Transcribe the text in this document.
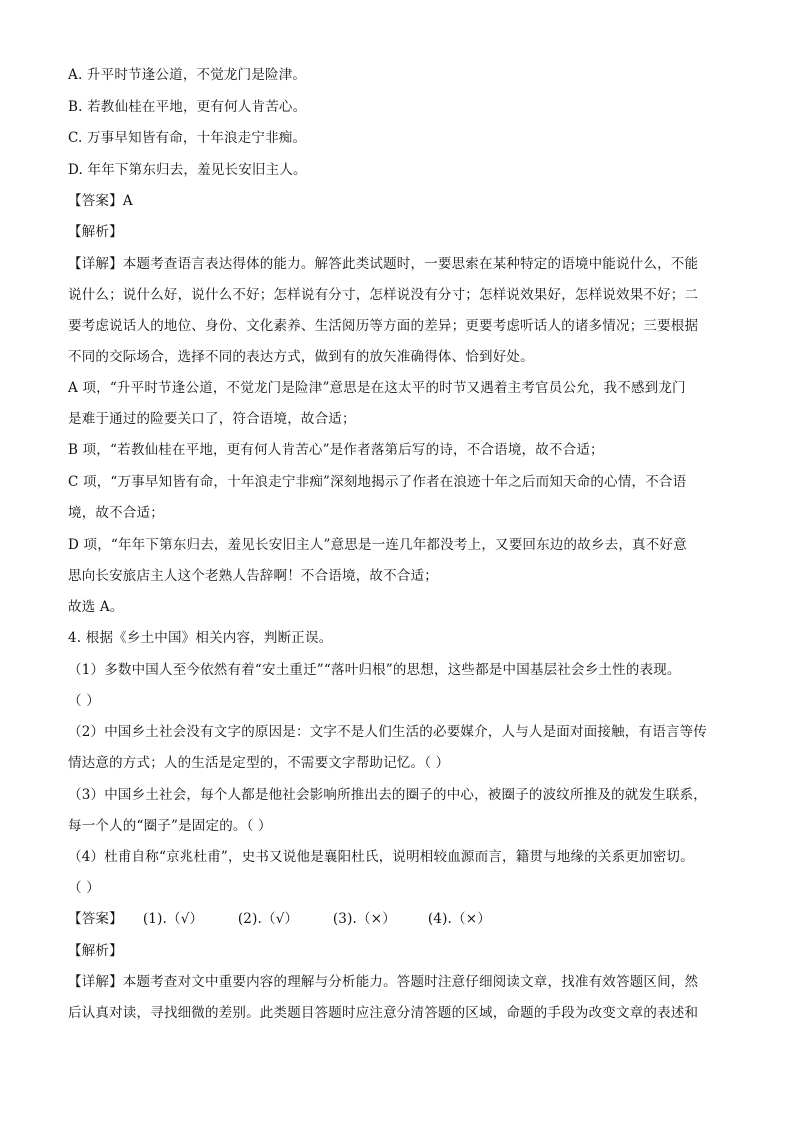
A. 升平时节逢公道，不觉龙门是险津。
B. 若教仙桂在平地，更有何人肯苦心。
C. 万事早知皆有命，十年浪走宁非痴。
D. 年年下第东归去，羞见长安旧主人。
【答案】A
【解析】
【详解】本题考查语言表达得体的能力。解答此类试题时，一要思索在某种特定的语境中能说什么，不能
说什么；说什么好，说什么不好；怎样说有分寸，怎样说没有分寸；怎样说效果好，怎样说效果不好；二
要考虑说话人的地位、身份、文化素养、生活阅历等方面的差异；更要考虑听话人的诸多情况；三要根据
不同的交际场合，选择不同的表达方式，做到有的放矢准确得体、恰到好处。
A 项，“升平时节逢公道，不觉龙门是险津”意思是在这太平的时节又遇着主考官员公允，我不感到龙门
是难于通过的险要关口了，符合语境，故合适；
B 项，“若教仙桂在平地，更有何人肯苦心”是作者落第后写的诗，不合语境，故不合适；
C 项，“万事早知皆有命，十年浪走宁非痴”深刻地揭示了作者在浪迹十年之后而知天命的心情，不合语
境，故不合适；
D 项，“年年下第东归去，羞见长安旧主人”意思是一连几年都没考上，又要回东边的故乡去，真不好意
思向长安旅店主人这个老熟人告辞啊！不合语境，故不合适；
故选 A。
4. 根据《乡土中国》相关内容，判断正误。
（1）多数中国人至今依然有着“安土重迁”“落叶归根”的思想，这些都是中国基层社会乡土性的表现。
（ ）
（2）中国乡土社会没有文字的原因是：文字不是人们生活的必要媒介，人与人是面对面接触，有语言等传
情达意的方式；人的生活是定型的，不需要文字帮助记忆。（ ）
（3）中国乡土社会，每个人都是他社会影响所推出去的圈子的中心，被圈子的波纹所推及的就发生联系，
每一个人的“圈子”是固定的。（ ）
（4）杜甫自称“京兆杜甫”，史书又说他是襄阳杜氏，说明相较血源而言，籍贯与地缘的关系更加密切。
（ ）
【答案】 (1).（√）	(2).（√）	(3).（×）	(4).（×）
【解析】
【详解】本题考查对文中重要内容的理解与分析能力。答题时注意仔细阅读文章，找准有效答题区间，然
后认真对读，寻找细微的差别。此类题目答题时应注意分清答题的区域，命题的手段为改变文章的表述和
